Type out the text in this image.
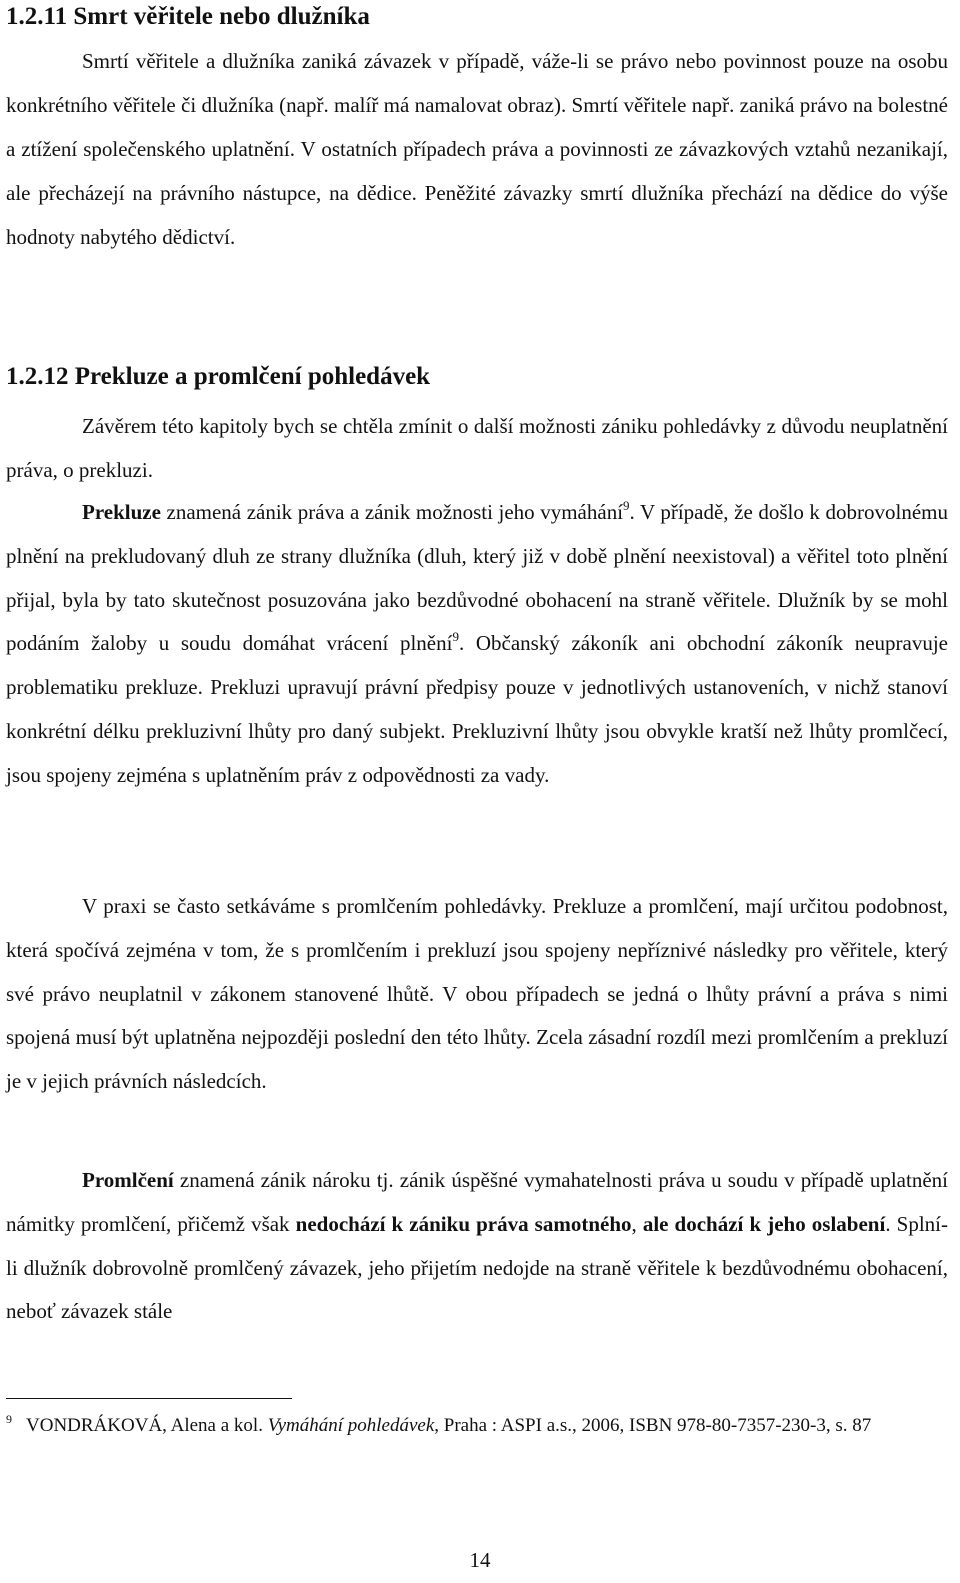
1.2.11 Smrt věřitele nebo dlužníka

Smrtí věřitele a dlužníka zaniká závazek v případě, váže-li se právo nebo povinnost pouze na osobu konkrétního věřitele či dlužníka (např. malíř má namalovat obraz). Smrtí věřitele např. zaniká právo na bolestné a ztížení společenského uplatnění. V ostatních případech práva a povinnosti ze závazkových vztahů nezanikají, ale přecházejí na právního nástupce, na dědice. Peněžité závazky smrtí dlužníka přechází na dědice do výše hodnoty nabytého dědictví.

1.2.12 Prekluze a promlčení pohledávek

Závěrem této kapitoly bych se chtěla zmínit o další možnosti zániku pohledávky z důvodu neuplatnění práva, o prekluzi.

Prekluze znamená zánik práva a zánik možnosti jeho vymáhání$^9$. V případě, že došlo k dobrovolnému plnění na prekludovaný dluh ze strany dlužníka (dluh, který již v době plnění neexistoval) a věřitel toto plnění přijal, byla by tato skutečnost posuzována jako bezdůvodné obohacení na straně věřitele. Dlužník by se mohl podáním žaloby u soudu domáhat vrácení plnění$^9$. Občanský zákoník ani obchodní zákoník neupravuje problematiku prekluze. Prekluzi upravují právní předpisy pouze v jednotlivých ustanoveních, v nichž stanoví konkrétní délku prekluzivní lhůty pro daný subjekt. Prekluzivní lhůty jsou obvykle kratší než lhůty promlčecí, jsou spojeny zejména s uplatněním práv z odpovědnosti za vady.

V praxi se často setkáváme s promlčením pohledávky. Prekluze a promlčení, mají určitou podobnost, která spočívá zejména v tom, že s promlčením i prekluzí jsou spojeny nepříznivé následky pro věřitele, který své právo neuplatnil v zákonem stanovené lhůtě. V obou případech se jedná o lhůty právní a práva s nimi spojená musí být uplatněna nejpozději poslední den této lhůty. Zcela zásadní rozdíl mezi promlčením a prekluzí je v jejich právních následcích.

Promlčení znamená zánik nároku tj. zánik úspěšné vymahatelnosti práva u soudu v případě uplatnění námitky promlčení, přičemž však nedochází k zániku práva samotného, ale dochází k jeho oslabení. Splní-li dlužník dobrovolně promlčený závazek, jeho přijetím nedojde na straně věřitele k bezdůvodnému obohacení, neboť závazek stále

$^9$ VONDRÁKOVÁ, Alena a kol. Vymáhání pohledávek, Praha : ASPI a.s., 2006, ISBN 978-80-7357-230-3, s. 87

14
